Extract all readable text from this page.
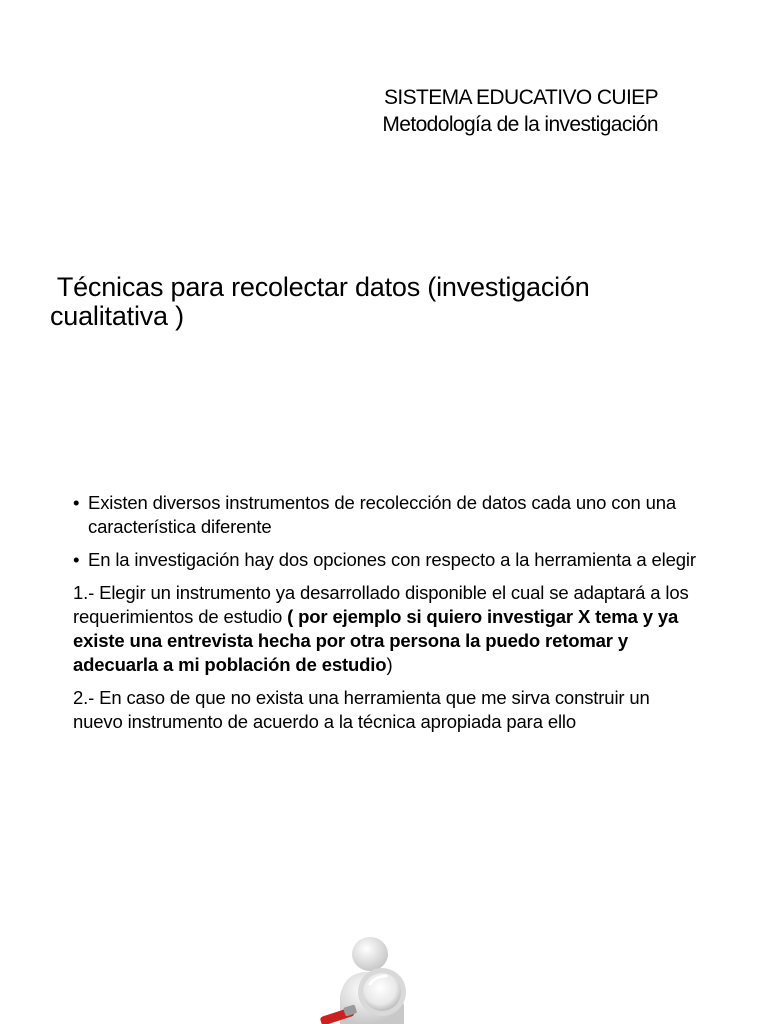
SISTEMA EDUCATIVO CUIEP
Metodología de la investigación
Técnicas para recolectar datos (investigación
cualitativa )
• Existen diversos instrumentos de recolección de datos cada uno con una característica diferente
• En la investigación hay dos opciones con respecto a la herramienta a elegir
1.- Elegir un instrumento ya desarrollado disponible el cual se adaptará a los requerimientos de estudio ( por ejemplo si quiero investigar X tema y ya existe una entrevista hecha por otra persona la puedo retomar y adecuarla a mi población de estudio)
2.- En caso de que no exista una herramienta que me sirva construir un nuevo instrumento de acuerdo a la técnica apropiada para ello
